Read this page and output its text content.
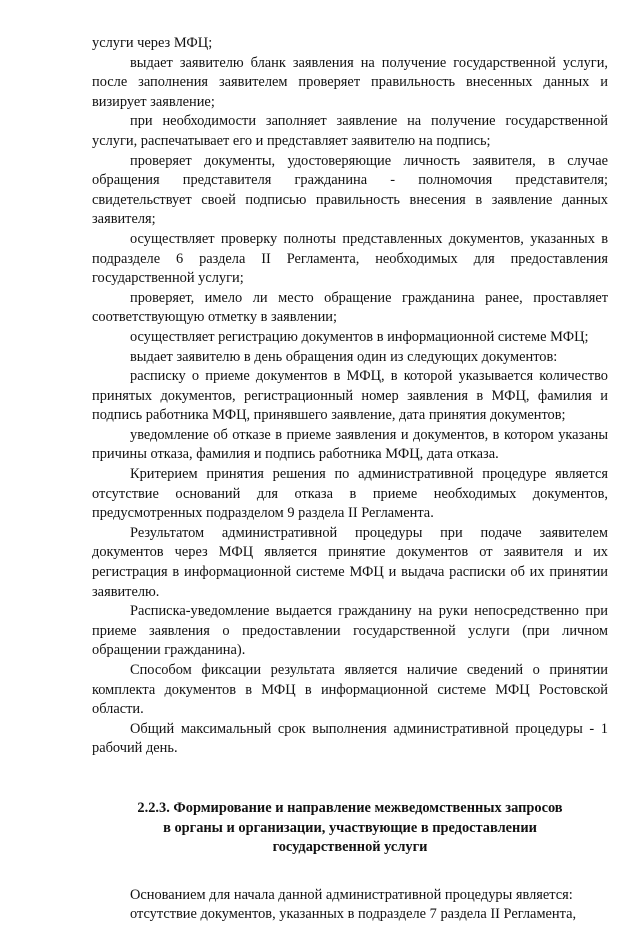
услуги через МФЦ;

выдает заявителю бланк заявления на получение государственной услуги, после заполнения заявителем проверяет правильность внесенных данных и визирует заявление;

при необходимости заполняет заявление на получение государственной услуги, распечатывает его и представляет заявителю на подпись;

проверяет документы, удостоверяющие личность заявителя, в случае обращения представителя гражданина - полномочия представителя; свидетельствует своей подписью правильность внесения в заявление данных заявителя;

осуществляет проверку полноты представленных документов, указанных в подразделе 6 раздела II Регламента, необходимых для предоставления государственной услуги;

проверяет, имело ли место обращение гражданина ранее, проставляет соответствующую отметку в заявлении;

осуществляет регистрацию документов в информационной системе МФЦ;

выдает заявителю в день обращения один из следующих документов:

расписку о приеме документов в МФЦ, в которой указывается количество принятых документов, регистрационный номер заявления в МФЦ, фамилия и подпись работника МФЦ, принявшего заявление, дата принятия документов;

уведомление об отказе в приеме заявления и документов, в котором указаны причины отказа, фамилия и подпись работника МФЦ, дата отказа.

Критерием принятия решения по административной процедуре является отсутствие оснований для отказа в приеме необходимых документов, предусмотренных подразделом 9 раздела II Регламента.

Результатом административной процедуры при подаче заявителем документов через МФЦ является принятие документов от заявителя и их регистрация в информационной системе МФЦ и выдача расписки об их принятии заявителю.

Расписка-уведомление выдается гражданину на руки непосредственно при приеме заявления о предоставлении государственной услуги (при личном обращении гражданина).

Способом фиксации результата является наличие сведений о принятии комплекта документов в МФЦ в информационной системе МФЦ Ростовской области.

Общий максимальный срок выполнения административной процедуры - 1 рабочий день.

2.2.3. Формирование и направление межведомственных запросов
в органы и организации, участвующие в предоставлении
государственной услуги

Основанием для начала данной административной процедуры является:

отсутствие документов, указанных в подразделе 7 раздела II Регламента,
